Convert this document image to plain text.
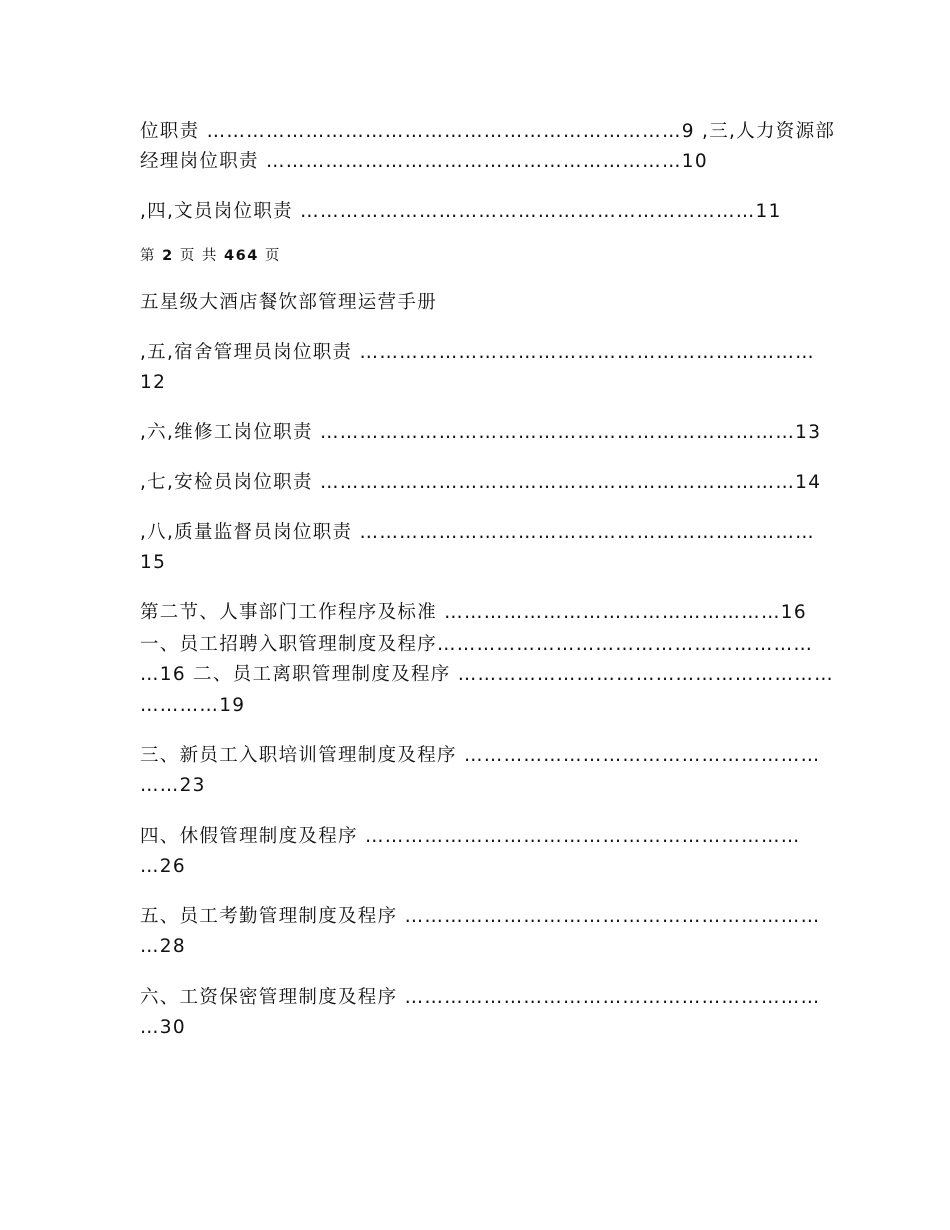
位职责 ………………………………………………………………9 ,三,人力资源部
经理岗位职责 ………………………………………………………10
,四,文员岗位职责 ……………………………………………………………11
第 2 页 共 464 页
五星级大酒店餐饮部管理运营手册
,五,宿舍管理员岗位职责 ……………………………………………………………
12
,六,维修工岗位职责 ………………………………………………………………13
,七,安检员岗位职责 ………………………………………………………………14
,八,质量监督员岗位职责 ……………………………………………………………
15
第二节、人事部门工作程序及标准 ……………………………………………16
一、员工招聘入职管理制度及程序…………………………………………………
…16 二、员工离职管理制度及程序 …………………………………………………
…………19
三、新员工入职培训管理制度及程序 ………………………………………………
……23
四、休假管理制度及程序 …………………………………………………………
…26
五、员工考勤管理制度及程序 ………………………………………………………
…28
六、工资保密管理制度及程序 ………………………………………………………
…30
